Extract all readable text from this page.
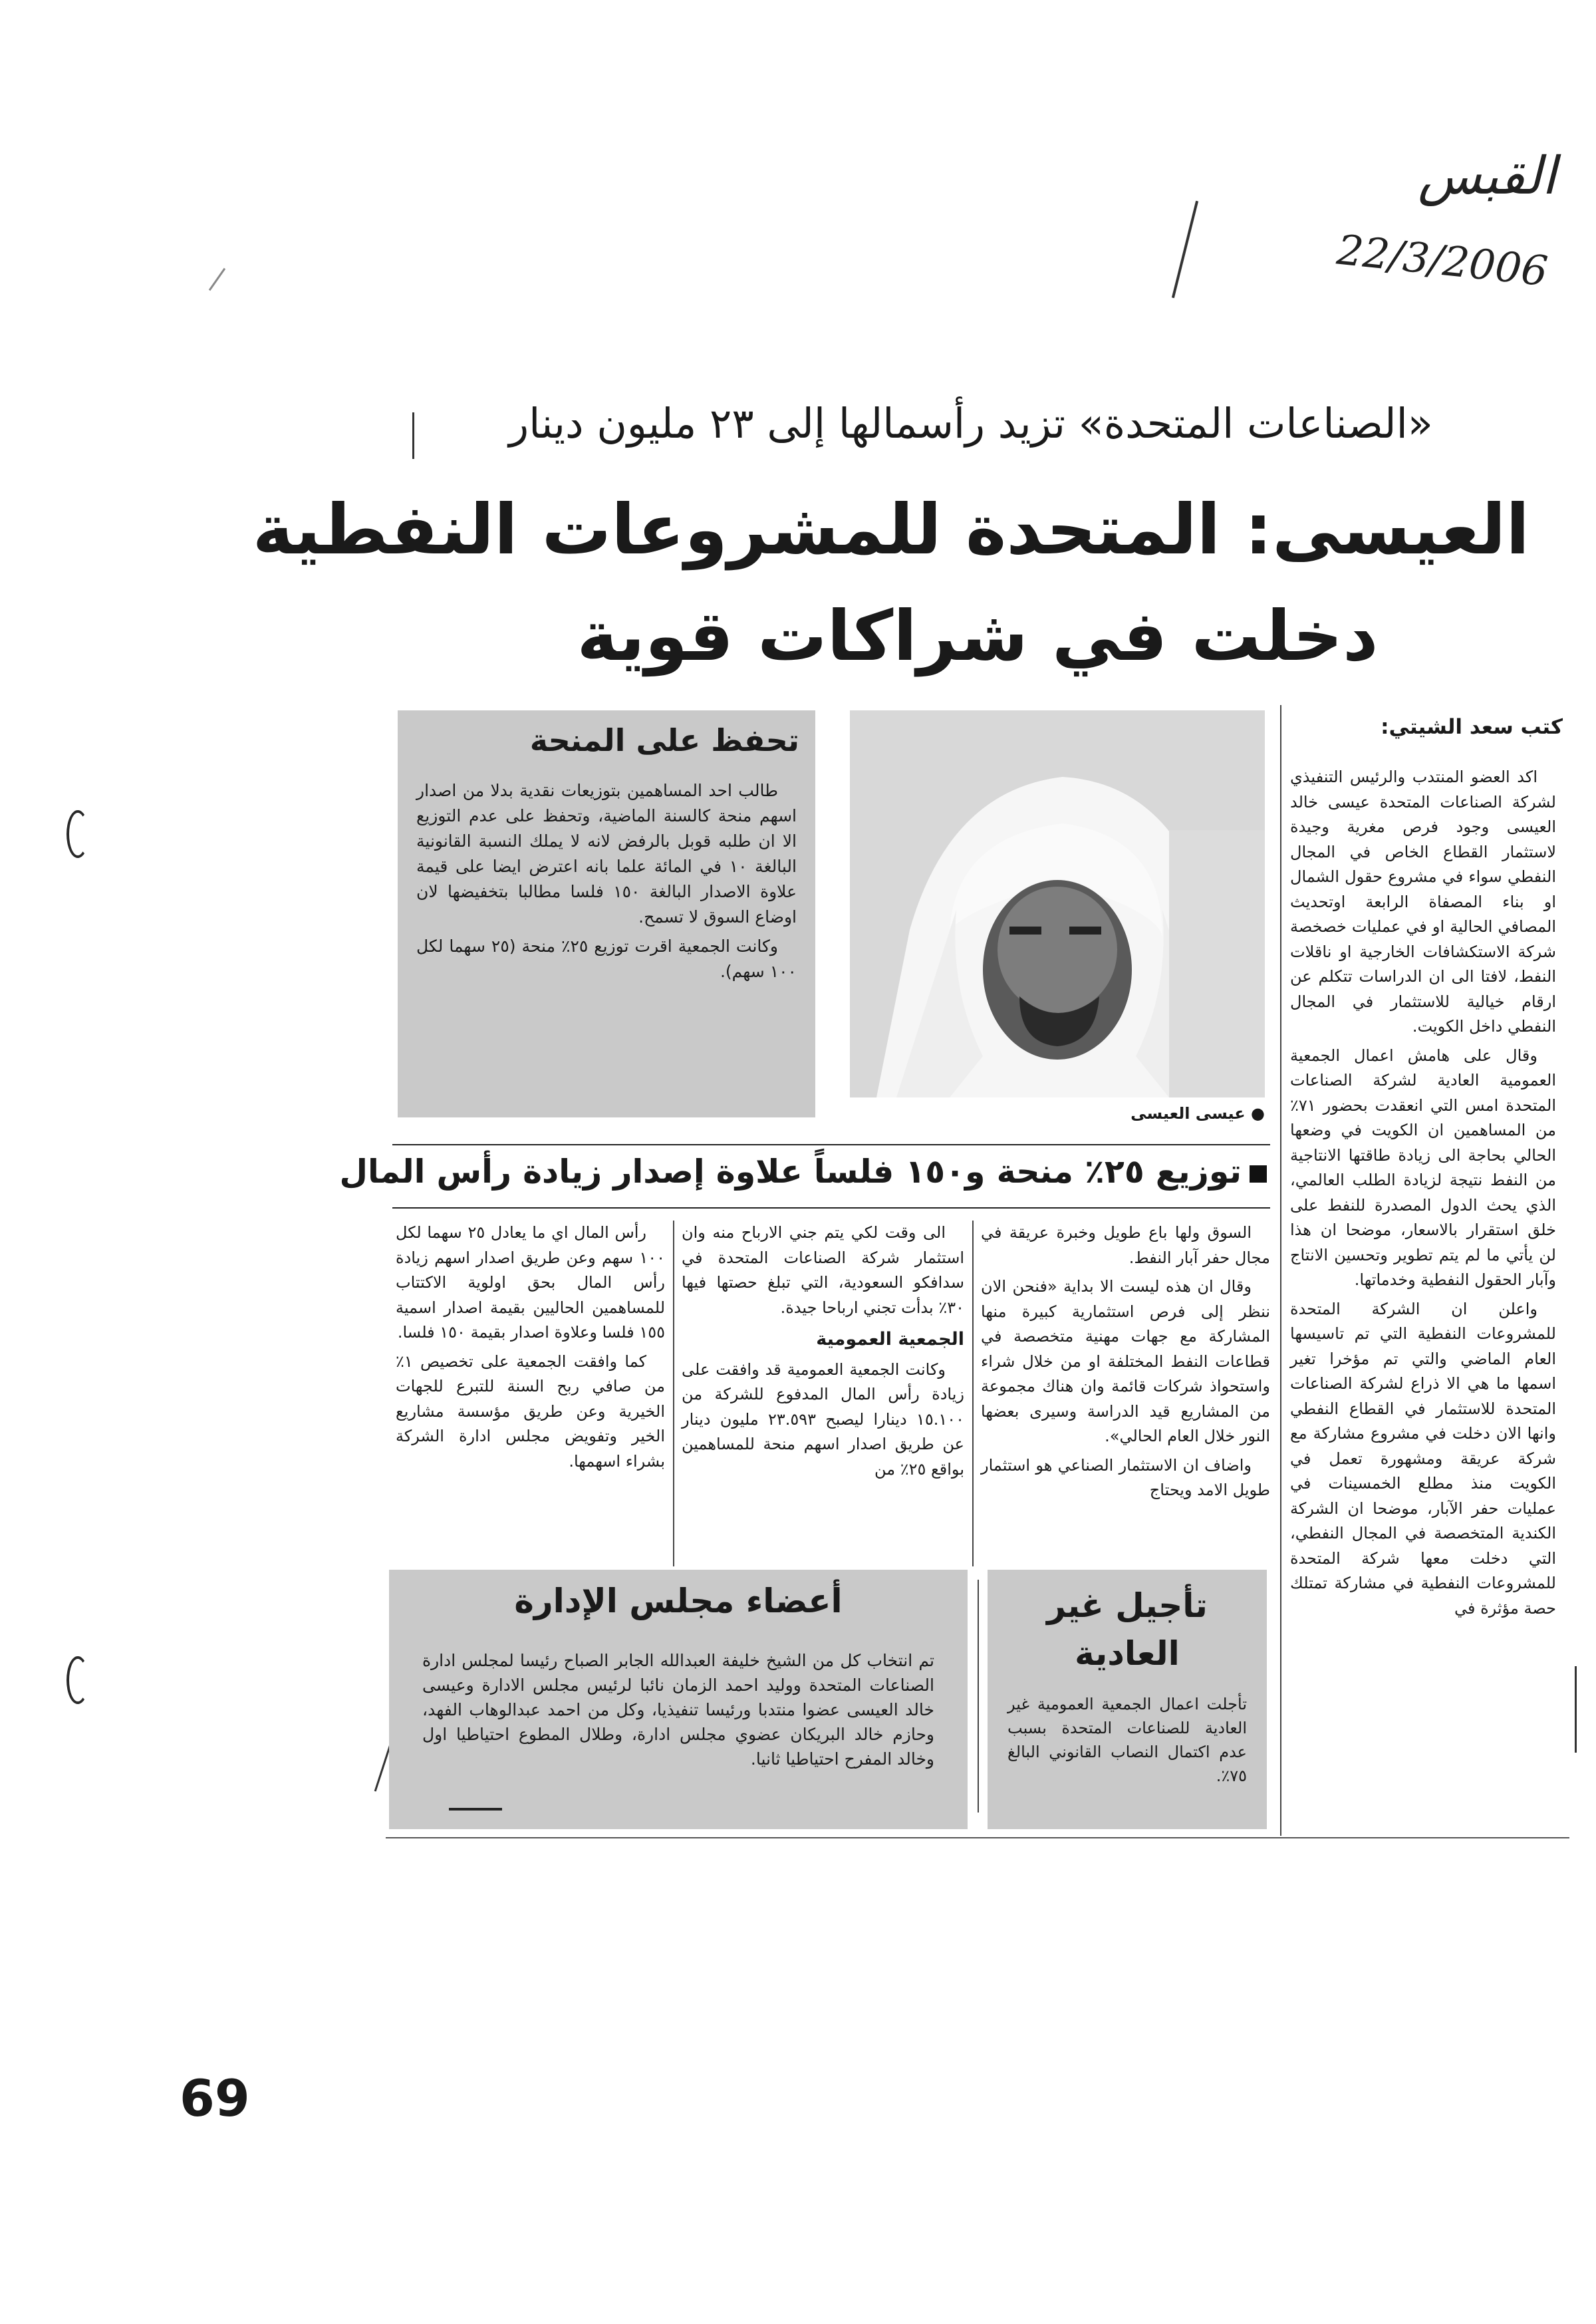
القبس
22/3/2006
«الصناعات المتحدة» تزيد رأسمالها إلى ٢٣ مليون دينار
العيسى: المتحدة للمشروعات النفطية
دخلت في شراكات قوية
كتب سعد الشيتي:

اكد العضو المنتدب والرئيس التنفيذي لشركة الصناعات المتحدة عيسى خالد العيسى وجود فرص مغرية وجيدة لاستثمار القطاع الخاص في المجال النفطي سواء في مشروع حقول الشمال او بناء المصفاة الرابعة اوتحديث المصافي الحالية او في عمليات خصخصة شركة الاستكشافات الخارجية او ناقلات النفط، لافتا الى ان الدراسات تتكلم عن ارقام خيالية للاستثمار في المجال النفطي داخل الكويت.

وقال على هامش اعمال الجمعية العمومية العادية لشركة الصناعات المتحدة امس التي انعقدت بحضور ٧١٪ من المساهمين ان الكويت في وضعها الحالي بحاجة الى زيادة طاقتها الانتاجية من النفط نتيجة لزيادة الطلب العالمي، الذي يحث الدول المصدرة للنفط على خلق استقرار بالاسعار، موضحا ان هذا لن يأتي ما لم يتم تطوير وتحسين الانتاج وآبار الحقول النفطية وخدماتها.

واعلن ان الشركة المتحدة للمشروعات النفطية التي تم تاسيسها العام الماضي والتي تم مؤخرا تغير اسمها ما هي الا ذراع لشركة الصناعات المتحدة للاستثمار في القطاع النفطي وانها الان دخلت في مشروع مشاركة مع شركة عريقة ومشهورة تعمل في الكويت منذ مطلع الخمسينات في عمليات حفر الآبار، موضحا ان الشركة الكندية المتخصصة في المجال النفطي، التي دخلت معها شركة المتحدة للمشروعات النفطية في مشاركة تمتلك حصة مؤثرة في

● عيسى العيسى
تحفظ على المنحة

طالب احد المساهمين بتوزيعات نقدية بدلا من اصدار اسهم منحة كالسنة الماضية، وتحفظ على عدم التوزيع الا ان طلبه قوبل بالرفض لانه لا يملك النسبة القانونية البالغة ١٠ في المائة علما بانه اعترض ايضا على قيمة علاوة الاصدار البالغة ١٥٠ فلسا مطالبا بتخفيضها لان اوضاع السوق لا تسمح.

وكانت الجمعية اقرت توزيع ٢٥٪ منحة (٢٥ سهما لكل ١٠٠ سهم).

توزيع ٢٥٪ منحة و١٥٠ فلساً علاوة إصدار زيادة رأس المال

السوق ولها باع طويل وخبرة عريقة في مجال حفر آبار النفط.

وقال ان هذه ليست الا بداية «فنحن الان ننظر إلى فرص استثمارية كبيرة منها المشاركة مع جهات مهنية متخصصة في قطاعات النفط المختلفة او من خلال شراء واستحواذ شركات قائمة وان هناك مجموعة من المشاريع قيد الدراسة وسيرى بعضها النور خلال العام الحالي».

واضاف ان الاستثمار الصناعي هو استثمار طويل الامد ويحتاج

الى وقت لكي يتم جني الارباح منه وان استثمار شركة الصناعات المتحدة في سدافكو السعودية، التي تبلغ حصتها فيها ٣٠٪ بدأت تجني ارباحا جيدة.

الجمعية العمومية

وكانت الجمعية العمومية قد وافقت على زيادة رأس المال المدفوع للشركة من ١٥.١٠٠ دينارا ليصبح ٢٣.٥٩٣ مليون دينار عن طريق اصدار اسهم منحة للمساهمين بواقع ٢٥٪ من

رأس المال اي ما يعادل ٢٥ سهما لكل ١٠٠ سهم وعن طريق اصدار اسهم زيادة رأس المال بحق اولوية الاكتتاب للمساهمين الحاليين بقيمة اصدار اسمية ١٥٥ فلسا وعلاوة اصدار بقيمة ١٥٠ فلسا.

كما وافقت الجمعية على تخصيص ١٪ من صافي ربح السنة للتبرع للجهات الخيرية وعن طريق مؤسسة مشاريع الخير وتفويض مجلس ادارة الشركة بشراء اسهمها.

تأجيل غير العادية
تأجلت اعمال الجمعية العمومية غير العادية للصناعات المتحدة بسبب عدم اكتمال النصاب القانوني البالغ ٧٥٪.
أعضاء مجلس الإدارة
تم انتخاب كل من الشيخ خليفة العبدالله الجابر الصباح رئيسا لمجلس ادارة الصناعات المتحدة ووليد احمد الزمان نائبا لرئيس مجلس الادارة وعيسى خالد العيسى عضوا منتدبا ورئيسا تنفيذيا، وكل من احمد عبدالوهاب الفهد، وحازم خالد البريكان عضوي مجلس ادارة، وطلال المطوع احتياطيا اول وخالد المفرح احتياطيا ثانيا.
69
